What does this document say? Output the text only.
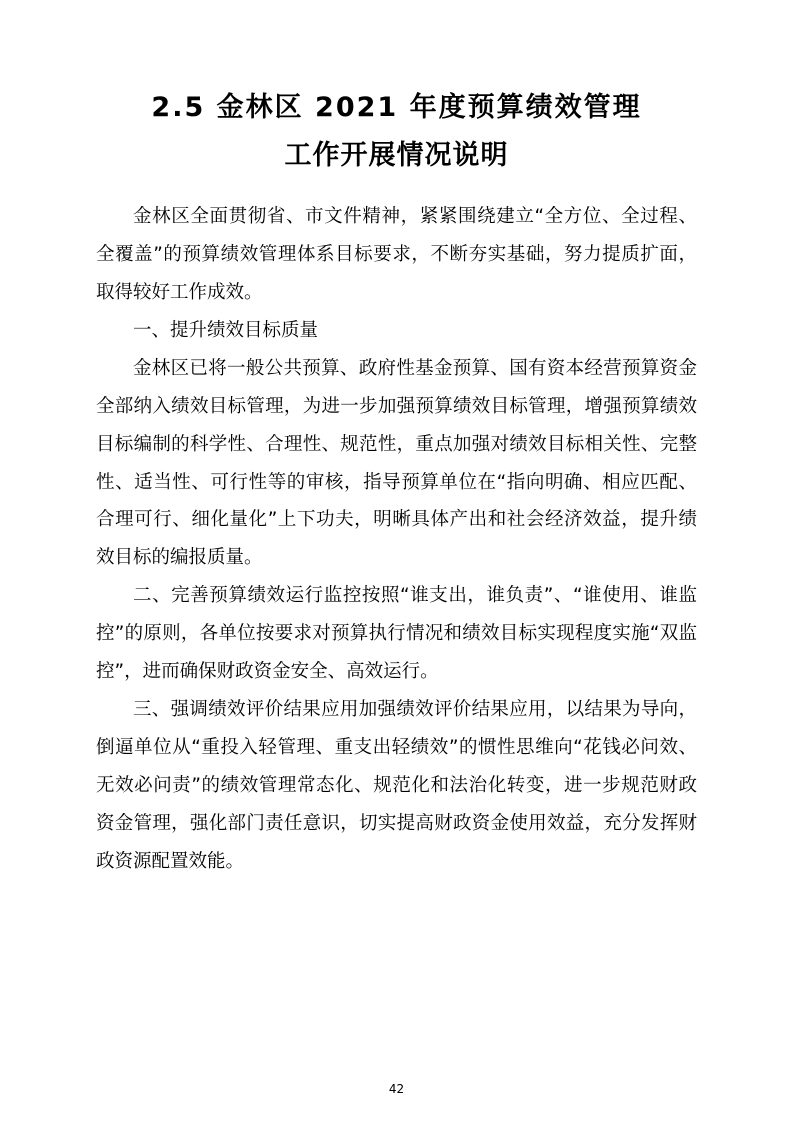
2.5 金林区 2021 年度预算绩效管理
工作开展情况说明

金林区全面贯彻省、市文件精神，紧紧围绕建立“全方位、全过程、全覆盖”的预算绩效管理体系目标要求，不断夯实基础，努力提质扩面，取得较好工作成效。

一、提升绩效目标质量

金林区已将一般公共预算、政府性基金预算、国有资本经营预算资金全部纳入绩效目标管理，为进一步加强预算绩效目标管理，增强预算绩效目标编制的科学性、合理性、规范性，重点加强对绩效目标相关性、完整性、适当性、可行性等的审核，指导预算单位在“指向明确、相应匹配、合理可行、细化量化”上下功夫，明晰具体产出和社会经济效益，提升绩效目标的编报质量。

二、完善预算绩效运行监控按照“谁支出，谁负责”、“谁使用、谁监控”的原则，各单位按要求对预算执行情况和绩效目标实现程度实施“双监控”，进而确保财政资金安全、高效运行。

三、强调绩效评价结果应用加强绩效评价结果应用，以结果为导向，倒逼单位从“重投入轻管理、重支出轻绩效”的惯性思维向“花钱必问效、无效必问责”的绩效管理常态化、规范化和法治化转变，进一步规范财政资金管理，强化部门责任意识，切实提高财政资金使用效益，充分发挥财政资源配置效能。

42
